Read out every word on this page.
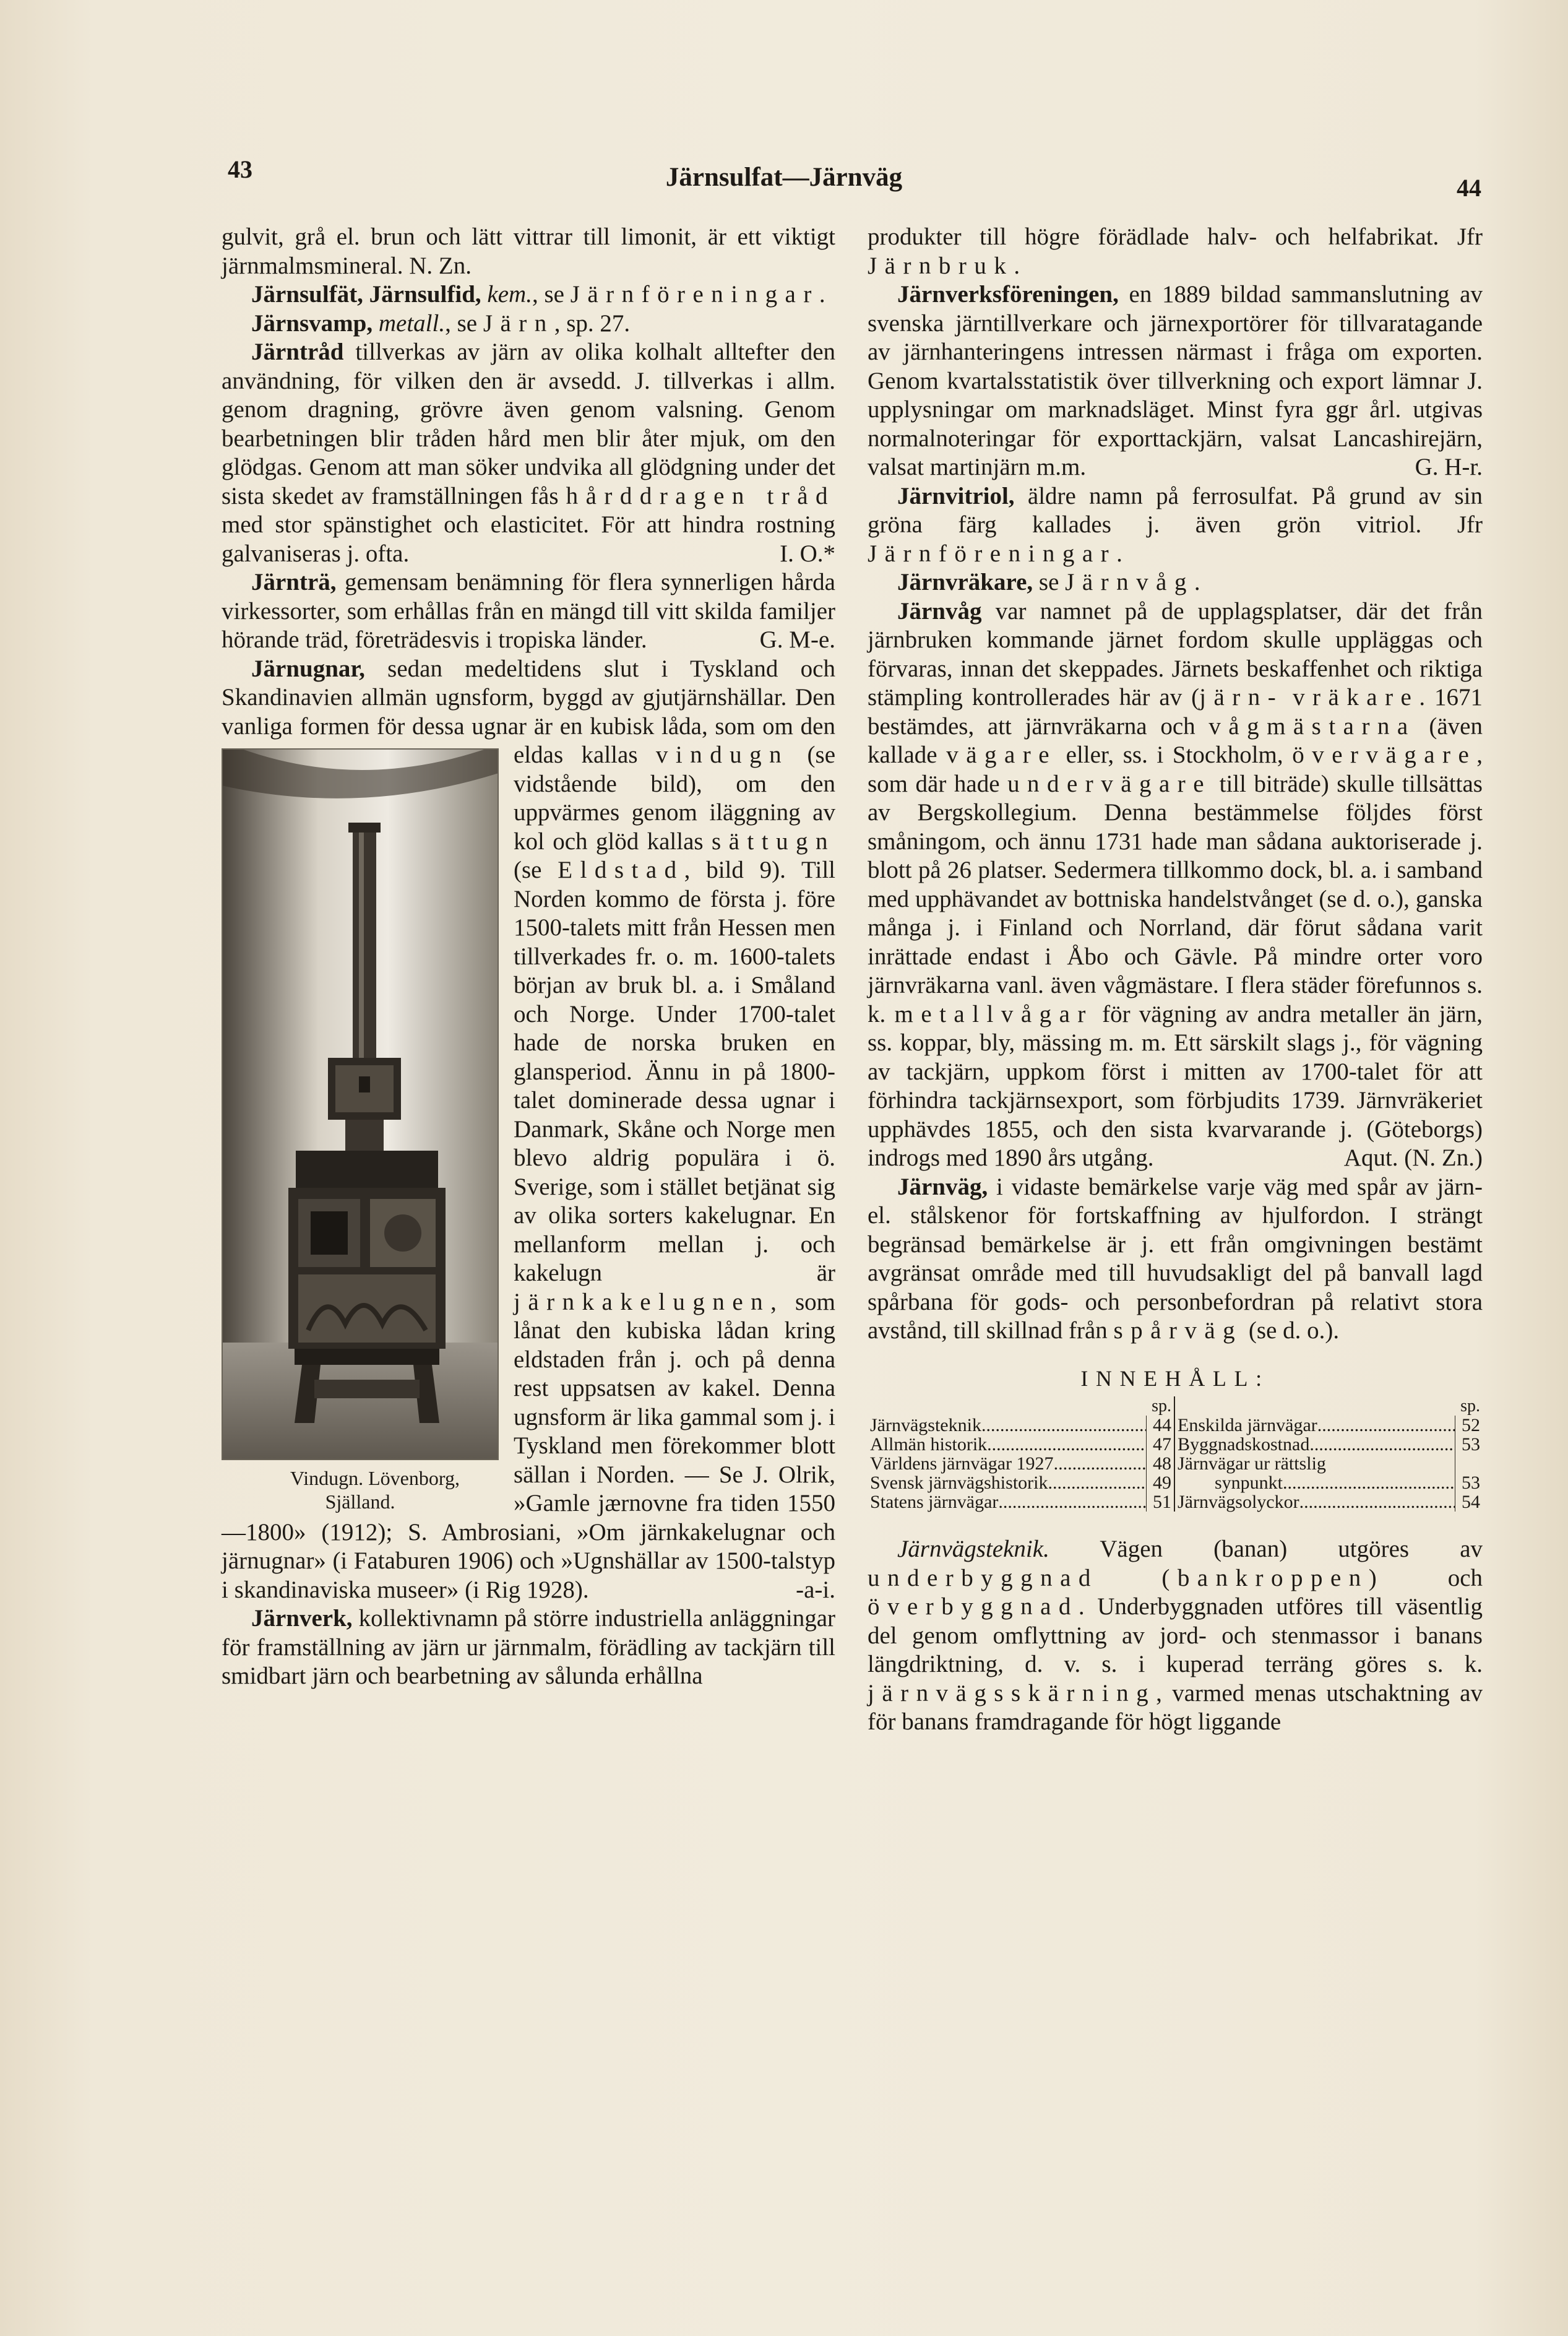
43	Järnsulfat—Järnväg	44

gulvit, grå el. brun och lätt vittrar till limonit, är ett viktigt järnmalmsmineral. N. Zn.

Järnsulfät, Järnsulfid, kem., se Järnföreningar.

Järnsvamp, metall., se Järn, sp. 27.

Järntråd tillverkas av järn av olika kolhalt alltefter den användning, för vilken den är avsedd. J. tillverkas i allm. genom dragning, grövre även genom valsning. Genom bearbetningen blir tråden hård men blir åter mjuk, om den glödgas. Genom att man söker undvika all glödgning under det sista skedet av framställningen fås hårddragen tråd med stor spänstighet och elasticitet. För att hindra rostning galvaniseras j. ofta.	I. O.*

Järnträ, gemensam benämning för flera synnerligen hårda virkessorter, som erhållas från en mängd till vitt skilda familjer hörande träd, företrädesvis i tropiska länder.	G. M-e.

Järnugnar, sedan medeltidens slut i Tyskland och Skandinavien allmän ugnsform, byggd av gjutjärnshällar. Den vanliga formen för dessa ugnar är en kubisk låda, som om den eldas kallas
Vindugn. Lövenborg,
Själland.
vindugn (se vidstående bild), om den uppvärmes genom iläggning av kol och glöd kallas sättugn (se Eldstad, bild 9). Till Norden kommo de första j. före 1500-talets mitt från Hessen men tillverkades fr. o. m. 1600-talets början av bruk bl. a. i Småland och Norge. Under 1700-talet hade de norska bruken en glansperiod. Ännu in på 1800-talet dominerade dessa ugnar i Danmark, Skåne och Norge men blevo aldrig populära i ö. Sverige, som i stället betjänat sig av olika sorters kakelugnar. En mellanform mellan j. och kakelugn är järnkakelugnen, som lånat den kubiska lådan kring eldstaden från j. och på denna rest uppsatsen av kakel. Denna ugnsform är lika gammal som j. i Tyskland men förekommer blott sällan i Norden. — Se J. Olrik, »Gamle jærnovne fra tiden 1550—1800» (1912); S. Ambrosiani, »Om järnkakelugnar och järnugnar» (i Fataburen 1906) och »Ugnshällar av 1500-talstyp i skandinaviska museer» (i Rig 1928).	-a-i.

Järnverk, kollektivnamn på större industriella anläggningar för framställning av järn ur järnmalm, förädling av tackjärn till smidbart järn och bearbetning av sålunda erhållna

produkter till högre förädlade halv- och helfabrikat. Jfr Järnbruk.

Järnverksföreningen, en 1889 bildad sammanslutning av svenska järntillverkare och järnexportörer för tillvaratagande av järnhanteringens intressen närmast i fråga om exporten. Genom kvartalsstatistik över tillverkning och export lämnar J. upplysningar om marknadsläget. Minst fyra ggr årl. utgivas normalnoteringar för exporttackjärn, valsat Lancashirejärn, valsat martinjärn m.m.	G. H-r.

Järnvitriol, äldre namn på ferrosulfat. På grund av sin gröna färg kallades j. även grön vitriol. Jfr Järnföreningar.

Järnvräkare, se Järnvåg.

Järnvåg var namnet på de upplagsplatser, där det från järnbruken kommande järnet fordom skulle uppläggas och förvaras, innan det skeppades. Järnets beskaffenhet och riktiga stämpling kontrollerades här av (järn- vräkare. 1671 bestämdes, att järnvräkarna och vågmästarna (även kallade vägare eller, ss. i Stockholm, övervägare, som där hade undervägare till biträde) skulle tillsättas av Bergskollegium. Denna bestämmelse följdes först småningom, och ännu 1731 hade man sådana auktoriserade j. blott på 26 platser. Sedermera tillkommo dock, bl. a. i samband med upphävandet av bottniska handelstvånget (se d. o.), ganska många j. i Finland och Norrland, där förut sådana varit inrättade endast i Åbo och Gävle. På mindre orter voro järnvräkarna vanl. även vågmästare. I flera städer förefunnos s. k. metallvågar för vägning av andra metaller än järn, ss. koppar, bly, mässing m. m. Ett särskilt slags j., för vägning av tackjärn, uppkom först i mitten av 1700-talet för att förhindra tackjärnsexport, som förbjudits 1739. Järnvräkeriet upphävdes 1855, och den sista kvarvarande j. (Göteborgs) indrogs med 1890 års utgång.	Aqut. (N. Zn.)

Järnväg, i vidaste bemärkelse varje väg med spår av järn- el. stålskenor för fortskaffning av hjulfordon. I strängt begränsad bemärkelse är j. ett från omgivningen bestämt avgränsat område med till huvudsakligt del på banvall lagd spårbana för gods- och personbefordran på relativt stora avstånd, till skillnad från spårväg (se d. o.).

INNEHÅLL:
sp.
Järnvägsteknik .....	44
Allmän historik .....	47
Världens järnvägar 1927 .....	48
Svensk järnvägshistorik .....	49
Statens järnvägar .....	51
sp.
Enskilda järnvägar .....	52
Byggnadskostnad .....	53
Järnvägar ur rättslig
synpunkt .....	53
Järnvägsolyckor .....	54

Järnvägsteknik. Vägen (banan) utgöres av underbyggnad	(bankroppen) och överbyggnad. Underbyggnaden utföres till väsentlig del genom omflyttning av jord- och stenmassor i banans längdriktning, d. v. s. i kuperad terräng göres s. k. järnvägsskärning, varmed menas utschaktning av för banans framdragande för högt liggande
